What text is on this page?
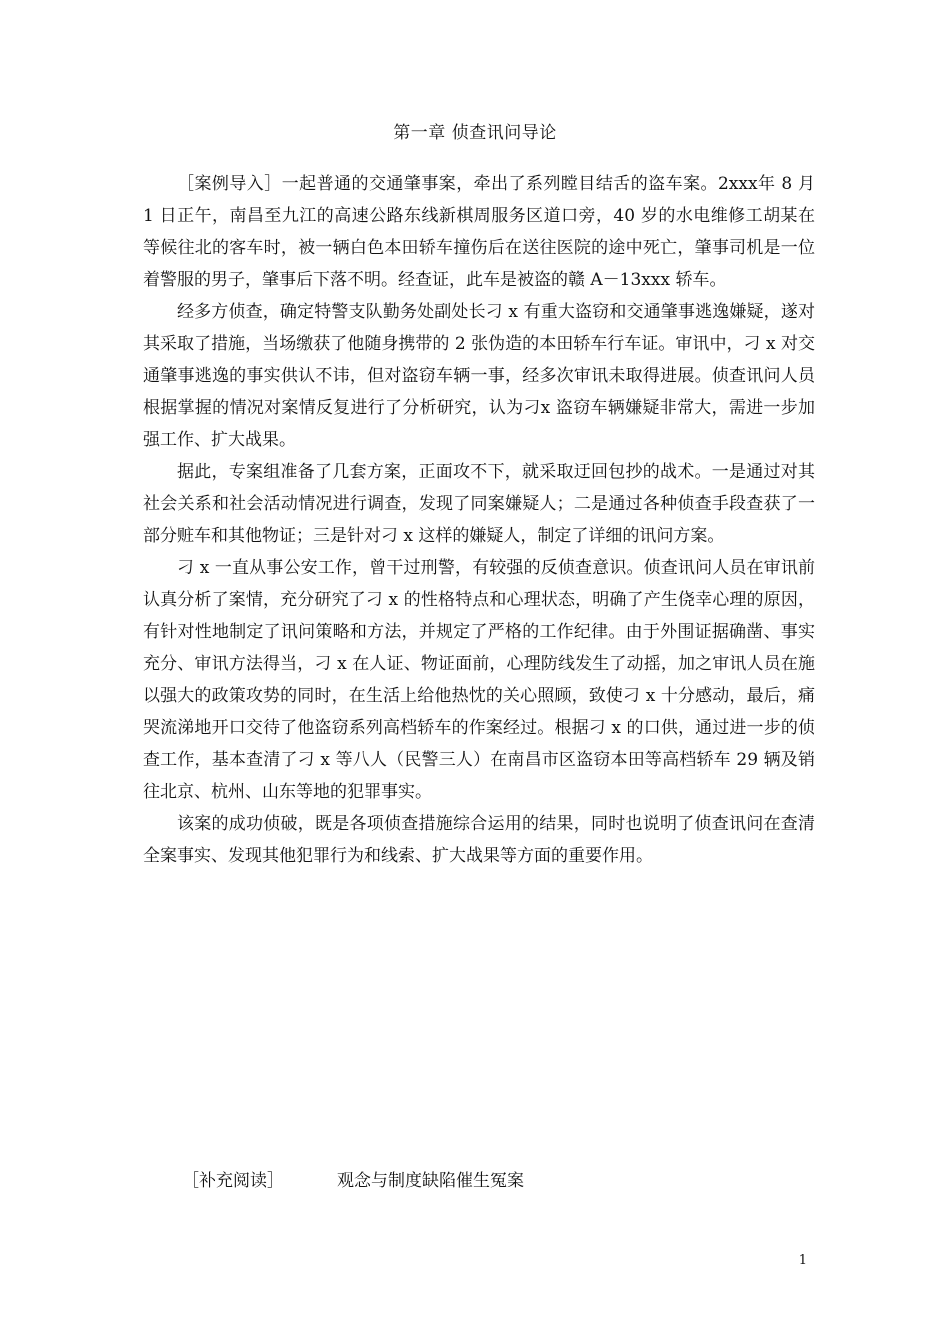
第一章 侦查讯问导论

［案例导入］一起普通的交通肇事案，牵出了系列瞠目结舌的盗车案。2xxx年 8 月 1 日正午，南昌至九江的高速公路东线新棋周服务区道口旁，40 岁的水电维修工胡某在等候往北的客车时，被一辆白色本田轿车撞伤后在送往医院的途中死亡，肇事司机是一位着警服的男子，肇事后下落不明。经查证，此车是被盗的赣 A－13xxx 轿车。

经多方侦查，确定特警支队勤务处副处长刁 x 有重大盗窃和交通肇事逃逸嫌疑，遂对其采取了措施，当场缴获了他随身携带的 2 张伪造的本田轿车行车证。审讯中，刁 x 对交通肇事逃逸的事实供认不讳，但对盗窃车辆一事，经多次审讯未取得进展。侦查讯问人员根据掌握的情况对案情反复进行了分析研究，认为刁x 盗窃车辆嫌疑非常大，需进一步加强工作、扩大战果。

据此，专案组准备了几套方案，正面攻不下，就采取迂回包抄的战术。一是通过对其社会关系和社会活动情况进行调查，发现了同案嫌疑人；二是通过各种侦查手段查获了一部分赃车和其他物证；三是针对刁 x 这样的嫌疑人，制定了详细的讯问方案。

刁 x 一直从事公安工作，曾干过刑警，有较强的反侦查意识。侦查讯问人员在审讯前认真分析了案情，充分研究了刁 x 的性格特点和心理状态，明确了产生侥幸心理的原因，有针对性地制定了讯问策略和方法，并规定了严格的工作纪律。由于外围证据确凿、事实充分、审讯方法得当，刁 x 在人证、物证面前，心理防线发生了动摇，加之审讯人员在施以强大的政策攻势的同时，在生活上给他热忱的关心照顾，致使刁 x 十分感动，最后，痛哭流涕地开口交待了他盗窃系列高档轿车的作案经过。根据刁 x 的口供，通过进一步的侦查工作，基本查清了刁 x 等八人（民警三人）在南昌市区盗窃本田等高档轿车 29 辆及销往北京、杭州、山东等地的犯罪事实。

该案的成功侦破，既是各项侦查措施综合运用的结果，同时也说明了侦查讯问在查清全案事实、发现其他犯罪行为和线索、扩大战果等方面的重要作用。

［补充阅读］	观念与制度缺陷催生冤案
1
